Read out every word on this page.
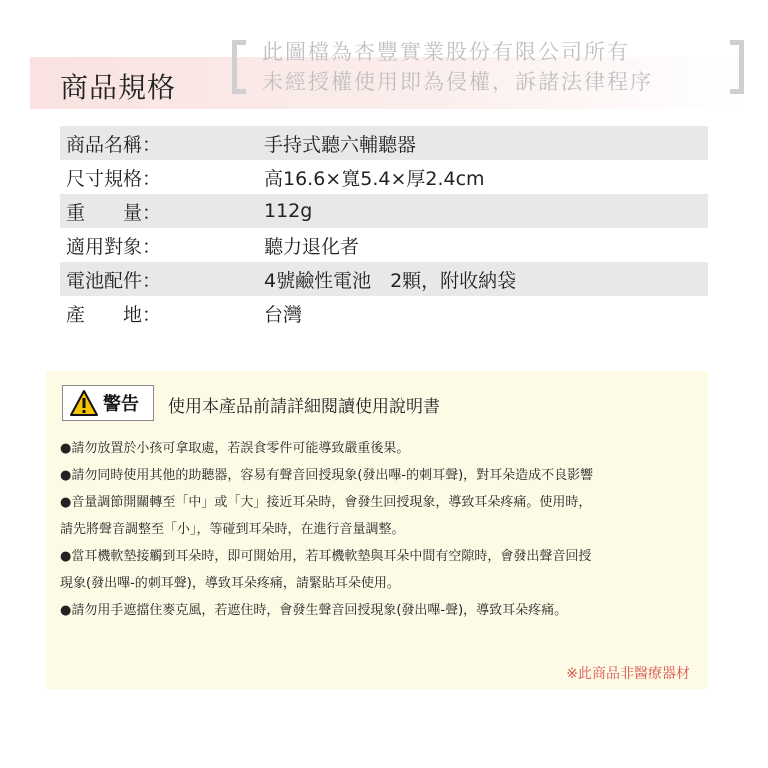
此圖檔為杏豐實業股份有限公司所有
未經授權使用即為侵權，訴諸法律程序
商品規格
商品名稱：	手持式聽六輔聽器
尺寸規格：	高16.6×寬5.4×厚2.4cm
重　　量：	112g
適用對象：	聽力退化者
電池配件：	4號鹼性電池　2顆，附收納袋
產　　地：	台灣
警告 使用本產品前請詳細閱讀使用說明書
●請勿放置於小孩可拿取處，若誤食零件可能導致嚴重後果。
●請勿同時使用其他的助聽器，容易有聲音回授現象(發出嗶-的刺耳聲)，對耳朵造成不良影響
●音量調節開關轉至「中」或「大」接近耳朵時，會發生回授現象，導致耳朵疼痛。使用時，
請先將聲音調整至「小」，等碰到耳朵時，在進行音量調整。
●當耳機軟墊接觸到耳朵時，即可開始用，若耳機軟墊與耳朵中間有空隙時，會發出聲音回授
現象(發出嗶-的刺耳聲)，導致耳朵疼痛，請緊貼耳朵使用。
●請勿用手遮擋住麥克風，若遮住時，會發生聲音回授現象(發出嗶-聲)，導致耳朵疼痛。
※此商品非醫療器材
